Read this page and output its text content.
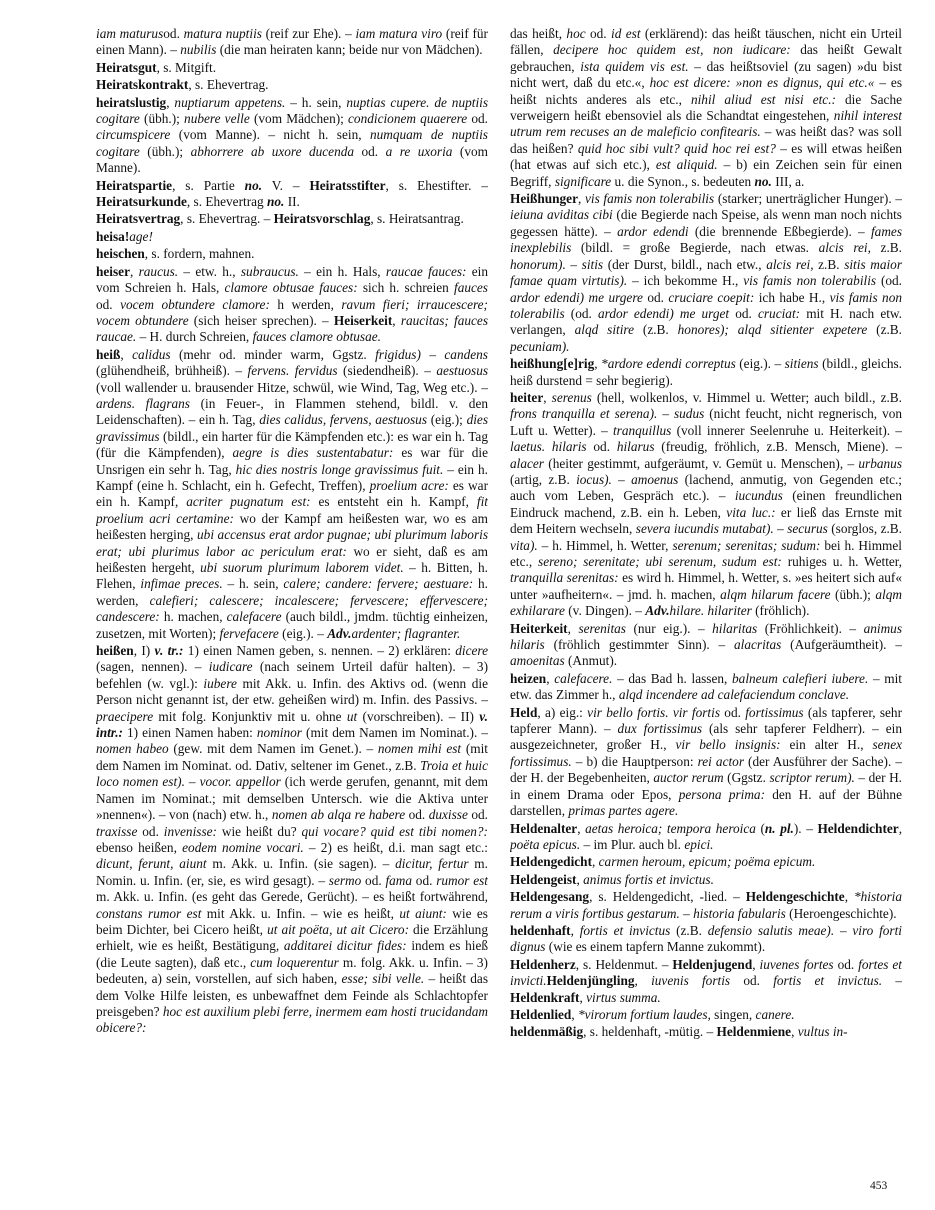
iam maturusod. matura nuptiis (reif zur Ehe). – iam matura viro (reif für einen Mann). – nubilis (die man heiraten kann; beide nur von Mädchen).
Heiratsgut, s. Mitgift.
Heiratskontrakt, s. Ehevertrag.
heiratslustig, nuptiarum appetens. – h. sein, nuptias cupere. de nuptiis cogitare (übh.); nubere velle (vom Mädchen); condicionem quaerere od. circumspicere (vom Manne). – nicht h. sein, numquam de nuptiis cogitare (übh.); abhorrere ab uxore ducenda od. a re uxoria (vom Manne).
Heiratspartie, s. Partie no. V. – Heiratsstifter, s. Ehestifter. – Heiratsurkunde, s. Ehevertrag no. II.
Heiratsvertrag, s. Ehevertrag. – Heiratsvorschlag, s. Heiratsantrag.
heisa!age!
heischen, s. fordern, mahnen.
heiser, raucus. – etw. h., subraucus. – ein h. Hals, raucae fauces: ein vom Schreien h. Hals, clamore obtusae fauces: sich h. schreien fauces od. vocem obtundere clamore: h werden, ravum fieri; irraucescere; vocem obtundere (sich heiser sprechen). – Heiserkeit, raucitas; fauces raucae. – H. durch Schreien, fauces clamore obtusae.
heiß, calidus (mehr od. minder warm, Ggstz. frigidus) – candens (glühendheiß, brühheiß). – fervens. fervidus (siedendheiß). – aestuosus (voll wallender u. brausender Hitze, schwül, wie Wind, Tag, Weg etc.). – ardens. flagrans (in Feuer-, in Flammen stehend, bildl. v. den Leidenschaften). – ein h. Tag, dies calidus, fervens, aestuosus (eig.); dies gravissimus (bildl., ein harter für die Kämpfenden etc.): es war ein h. Tag (für die Kämpfenden), aegre is dies sustentabatur: es war für die Unsrigen ein sehr h. Tag, hic dies nostris longe gravissimus fuit. – ein h. Kampf (eine h. Schlacht, ein h. Gefecht, Treffen), proelium acre: es war ein h. Kampf, acriter pugnatum est: es entsteht ein h. Kampf, fit proelium acri certamine: wo der Kampf am heißesten war, wo es am heißesten herging, ubi accensus erat ardor pugnae; ubi plurimum laboris erat; ubi plurimus labor ac periculum erat: wo er sieht, daß es am heißesten hergeht, ubi suorum plurimum laborem videt. – h. Bitten, h. Flehen, infimae preces. – h. sein, calere; candere: fervere; aestuare: h. werden, calefieri; calescere; incalescere; fervescere; effervescere; candescere: h. machen, calefacere (auch bildl., jmdm. tüchtig einheizen, zusetzen, mit Worten); fervefacere (eig.). – Adv.ardenter; flagranter.
heißen, I) v. tr.: 1) einen Namen geben, s. nennen. – 2) erklären: dicere (sagen, nennen). – iudicare (nach seinem Urteil dafür halten). – 3) befehlen (w. vgl.): iubere mit Akk. u. Infin. des Aktivs od. (wenn die Person nicht genannt ist, der etw. geheißen wird) m. Infin. des Passivs. – praecipere mit folg. Konjunktiv mit u. ohne ut (vorschreiben). – II) v. intr.: 1) einen Namen haben: nominor (mit dem Namen im Nominat.). – nomen habeo (gew. mit dem Namen im Genet.). – nomen mihi est (mit dem Namen im Nominat. od. Dativ, seltener im Genet., z.B. Troia et huic loco nomen est). – vocor. appellor (ich werde gerufen, genannt, mit dem Namen im Nominat.; mit demselben Untersch. wie die Aktiva unter »nennen«). – von (nach) etw. h., nomen ab alqa re habere od. duxisse od. traxisse od. invenisse: wie heißt du? qui vocare? quid est tibi nomen?: ebenso heißen, eodem nomine vocari. – 2) es heißt, d.i. man sagt etc.: dicunt, ferunt, aiunt m. Akk. u. Infin. (sie sagen). – dicitur, fertur m. Nomin. u. Infin. (er, sie, es wird gesagt). – sermo od. fama od. rumor est m. Akk. u. Infin. (es geht das Gerede, Gerücht). – es heißt fortwährend, constans rumor est mit Akk. u. Infin. – wie es heißt, ut aiunt: wie es beim Dichter, bei Cicero heißt, ut ait poëta, ut ait Cicero: die Erzählung erhielt, wie es heißt, Bestätigung, additarei dicitur fides: indem es hieß (die Leute sagten), daß etc., cum loquerentur m. folg. Akk. u. Infin. – 3) bedeuten, a) sein, vorstellen, auf sich haben, esse; sibi velle. – heißt das dem Volke Hilfe leisten, es unbewaffnet dem Feinde als Schlachtopfer preisgeben? hoc est auxilium plebi ferre, inermem eam hosti trucidandam obicere?:
das heißt, hoc od. id est (erklärend): das heißt täuschen, nicht ein Urteil fällen, decipere hoc quidem est, non iudicare: das heißt Gewalt gebrauchen, ista quidem vis est. – das heißtsoviel (zu sagen) »du bist nicht wert, daß du etc.«, hoc est dicere: »non es dignus, qui etc.« – es heißt nichts anderes als etc., nihil aliud est nisi etc.: die Sache verweigern heißt ebensoviel als die Schandtat eingestehen, nihil interest utrum rem recuses an de maleficio confitearis. – was heißt das? was soll das heißen? quid hoc sibi vult? quid hoc rei est? – es will etwas heißen (hat etwas auf sich etc.), est aliquid. – b) ein Zeichen sein für einen Begriff, significare u. die Synon., s. bedeuten no. III, a.
Heißhunger, vis famis non tolerabilis (starker; unerträglicher Hunger). – ieiuna aviditas cibi (die Begierde nach Speise, als wenn man noch nichts gegessen hätte). – ardor edendi (die brennende Eßbegierde). – fames inexplebilis (bildl. = große Begierde, nach etwas. alcis rei, z.B. honorum). – sitis (der Durst, bildl., nach etw., alcis rei, z.B. sitis maior famae quam virtutis). – ich bekomme H., vis famis non tolerabilis (od. ardor edendi) me urgere od. cruciare coepit: ich habe H., vis famis non tolerabilis (od. ardor edendi) me urget od. cruciat: mit H. nach etw. verlangen, alqd sitire (z.B. honores); alqd sitienter expetere (z.B. pecuniam).
heißhung[e]rig, *ardore edendi correptus (eig.). – sitiens (bildl., gleichs. heiß durstend = sehr begierig).
heiter, serenus (hell, wolkenlos, v. Himmel u. Wetter; auch bildl., z.B. frons tranquilla et serena). – sudus (nicht feucht, nicht regnerisch, von Luft u. Wetter). – tranquillus (voll innerer Seelenruhe u. Heiterkeit). – laetus. hilaris od. hilarus (freudig, fröhlich, z.B. Mensch, Miene). – alacer (heiter gestimmt, aufgeräumt, v. Gemüt u. Menschen), – urbanus (artig, z.B. iocus). – amoenus (lachend, anmutig, von Gegenden etc.; auch vom Leben, Gespräch etc.). – iucundus (einen freundlichen Eindruck machend, z.B. ein h. Leben, vita luc.: er ließ das Ernste mit dem Heitern wechseln, severa iucundis mutabat). – securus (sorglos, z.B. vita). – h. Himmel, h. Wetter, serenum; serenitas; sudum: bei h. Himmel etc., sereno; serenitate; ubi serenum, sudum est: ruhiges u. h. Wetter, tranquilla serenitas: es wird h. Himmel, h. Wetter, s. »es heitert sich auf« unter »aufheitern«. – jmd. h. machen, alqm hilarum facere (übh.); alqm exhilarare (v. Dingen). – Adv.hilare. hilariter (fröhlich).
Heiterkeit, serenitas (nur eig.). – hilaritas (Fröhlichkeit). – animus hilaris (fröhlich gestimmter Sinn). – alacritas (Aufgeräumtheit). – amoenitas (Anmut).
heizen, calefacere. – das Bad h. lassen, balneum calefieri iubere. – mit etw. das Zimmer h., alqd incendere ad calefaciendum conclave.
Held, a) eig.: vir bello fortis. vir fortis od. fortissimus (als tapferer, sehr tapferer Mann). – dux fortissimus (als sehr tapferer Feldherr). – ein ausgezeichneter, großer H., vir bello insignis: ein alter H., senex fortissimus. – b) die Hauptperson: rei actor (der Ausführer der Sache). – der H. der Begebenheiten, auctor rerum (Ggstz. scriptor rerum). – der H. in einem Drama oder Epos, persona prima: den H. auf der Bühne darstellen, primas partes agere.
Heldenalter, aetas heroica; tempora heroica (n. pl.). – Heldendichter, poëta epicus. – im Plur. auch bl. epici.
Heldengedicht, carmen heroum, epicum; poëma epicum.
Heldengeist, animus fortis et invictus.
Heldengesang, s. Heldengedicht, -lied. – Heldengeschichte, *historia rerum a viris fortibus gestarum. – historia fabularis (Heroengeschichte).
heldenhaft, fortis et invictus (z.B. defensio salutis meae). – viro forti dignus (wie es einem tapfern Manne zukommt).
Heldenherz, s. Heldenmut. – Heldenjugend, iuvenes fortes od. fortes et invicti.Heldenjüngling, iuvenis fortis od. fortis et invictus. – Heldenkraft, virtus summa.
Heldenlied, *virorum fortium laudes, singen, canere.
heldenmäßig, s. heldenhaft, -mütig. – Heldenmiene, vultus in-
453
